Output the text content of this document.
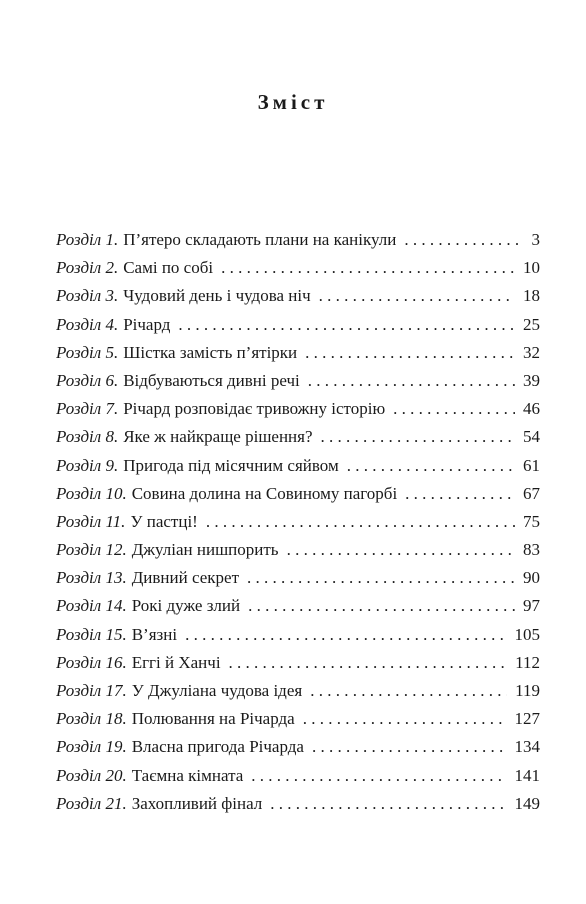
Зміст
Розділ 1. П’ятеро складають плани на канікули . . .	3
Розділ 2. Самі по собі . . .	10
Розділ 3. Чудовий день і чудова ніч . . .	18
Розділ 4. Річард . . .	25
Розділ 5. Шістка замість п’ятірки . . .	32
Розділ 6. Відбуваються дивні речі . . .	39
Розділ 7. Річард розповідає тривожну історію . . .	46
Розділ 8. Яке ж найкраще рішення? . . .	54
Розділ 9. Пригода під місячним сяйвом . . .	61
Розділ 10. Совина долина на Совиному пагорбі . . .	67
Розділ 11. У пастці! . . .	75
Розділ 12. Джуліан нишпорить . . .	83
Розділ 13. Дивний секрет . . .	90
Розділ 14. Рокі дуже злий . . .	97
Розділ 15. В’язні . . .	105
Розділ 16. Еггі й Ханчі . . .	112
Розділ 17. У Джуліана чудова ідея . . .	119
Розділ 18. Полювання на Річарда . . .	127
Розділ 19. Власна пригода Річарда . . .	134
Розділ 20. Таємна кімната . . .	141
Розділ 21. Захопливий фінал . . .	149
